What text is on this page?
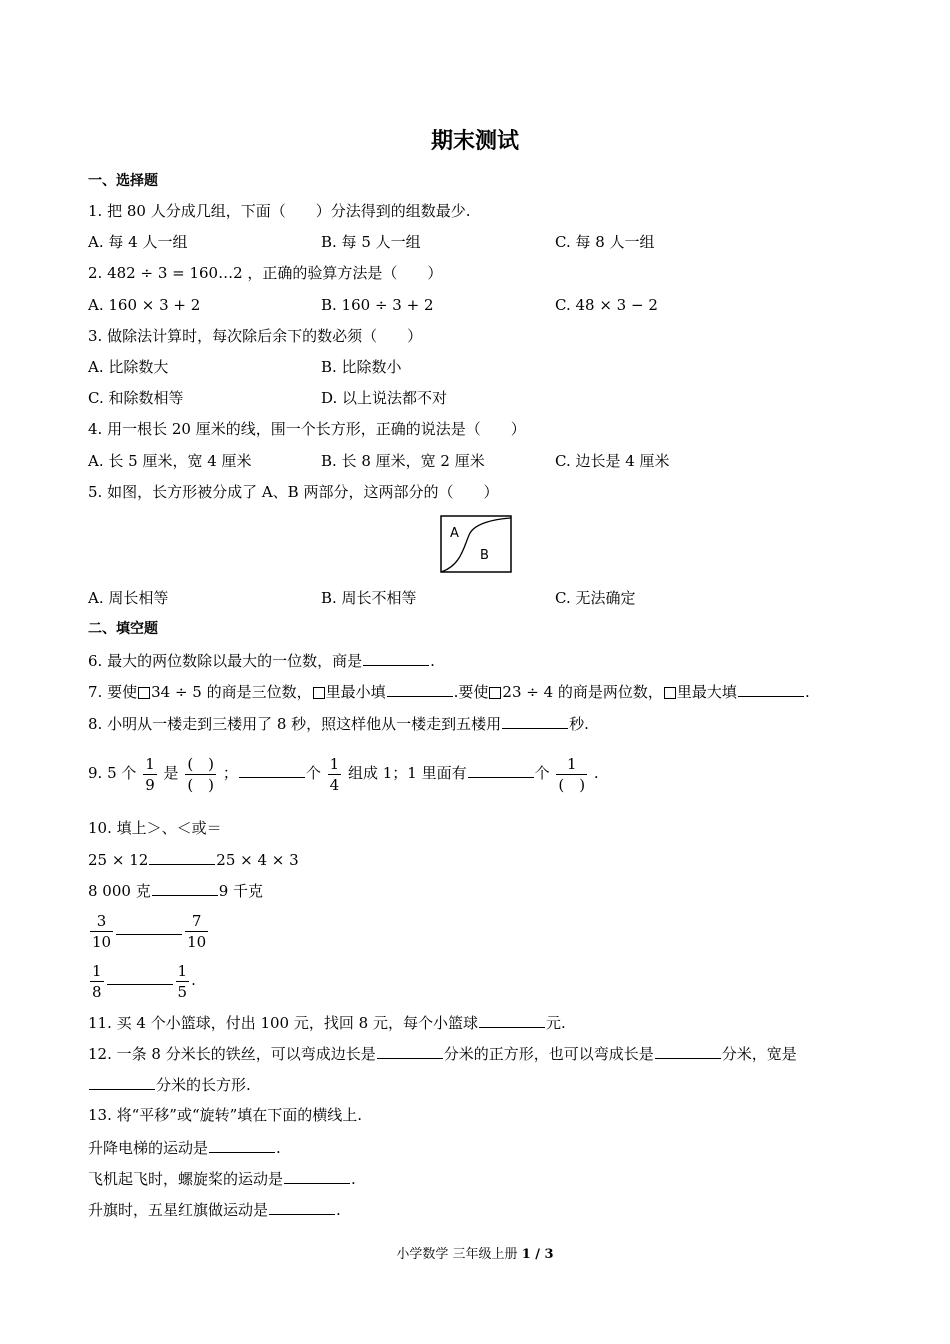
期末测试
一、选择题
1. 把 80 人分成几组，下面（　　）分法得到的组数最少.
A. 每 4 人一组	B. 每 5 人一组	C. 每 8 人一组
2. 482 ÷ 3 = 160…2 ，正确的验算方法是（　　）
A. 160 × 3 + 2	B. 160 ÷ 3 + 2	C. 48 × 3 − 2
3. 做除法计算时，每次除后余下的数必须（　　）
A. 比除数大	B. 比除数小
C. 和除数相等	D. 以上说法都不对
4. 用一根长 20 厘米的线，围一个长方形，正确的说法是（　　）
A. 长 5 厘米，宽 4 厘米	B. 长 8 厘米，宽 2 厘米	C. 边长是 4 厘米
5. 如图，长方形被分成了 A、B 两部分，这两部分的（　　）
A
B
A. 周长相等	B. 周长不相等	C. 无法确定
二、填空题
6. 最大的两位数除以最大的一位数，商是	.
7. 要使 34 ÷ 5 的商是三位数， 里最小填	.要使 23 ÷ 4 的商是两位数， 里最大填	.
8. 小明从一楼走到三楼用了 8 秒，照这样他从一楼走到五楼用	秒.
9. 5 个 $\frac{1}{9}$ 是 $\frac{( )}{( )}$ ；	个 $\frac{1}{4}$ 组成 1；1 里面有	个 $\frac{1}{( )}$ .
10. 填上＞、＜或＝
25 × 12	25 × 4 × 3
8 000 克	9 千克
$\frac{3}{10}$	$\frac{7}{10}$
$\frac{1}{8}$	$\frac{1}{5}$ .
11. 买 4 个小篮球，付出 100 元，找回 8 元，每个小篮球	元.
12. 一条 8 分米长的铁丝，可以弯成边长是	分米的正方形，也可以弯成长是	分米，宽是
分米的长方形.
13. 将“平移”或“旋转”填在下面的横线上.
升降电梯的运动是	.
飞机起飞时，螺旋桨的运动是	.
升旗时，五星红旗做运动是	.
小学数学 三年级上册 1 / 3
